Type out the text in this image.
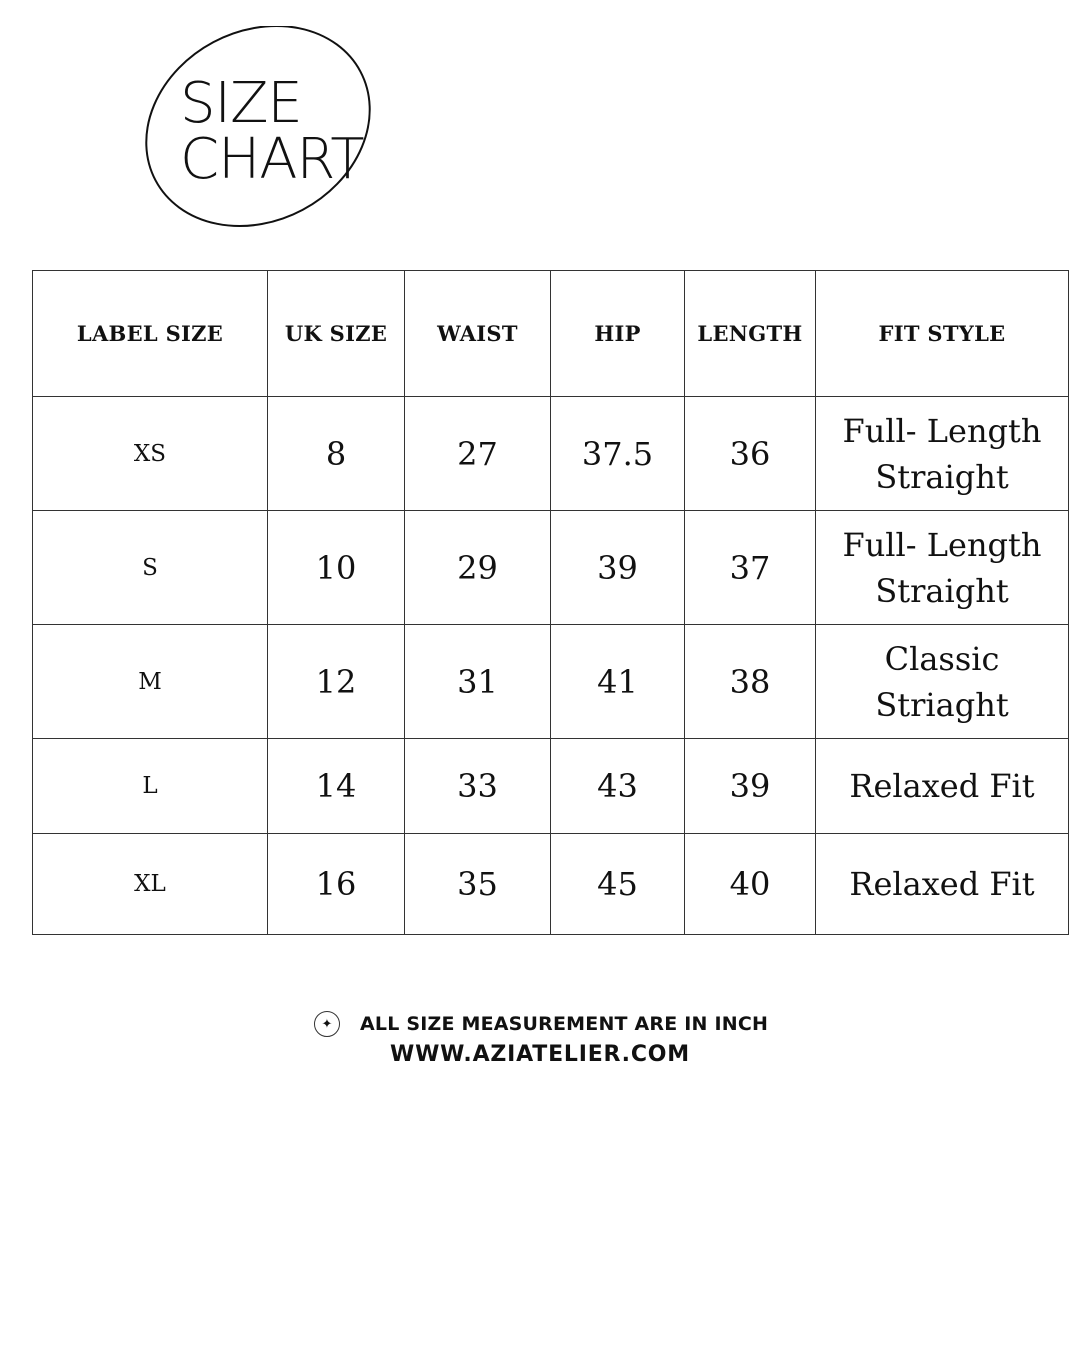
SIZE
CHART
LABEL SIZE	UK SIZE	WAIST	HIP	LENGTH	FIT STYLE
XS	8	27	37.5	36	Full- Length
Straight

S	10	29	39	37	Full- Length
Straight

M	12	31	41	38	Classic
Striaght

L	14	33	43	39	Relaxed Fit
XL	16	35	45	40	Relaxed Fit
✦	ALL SIZE MEASUREMENT ARE IN INCH
WWW.AZIATELIER.COM
